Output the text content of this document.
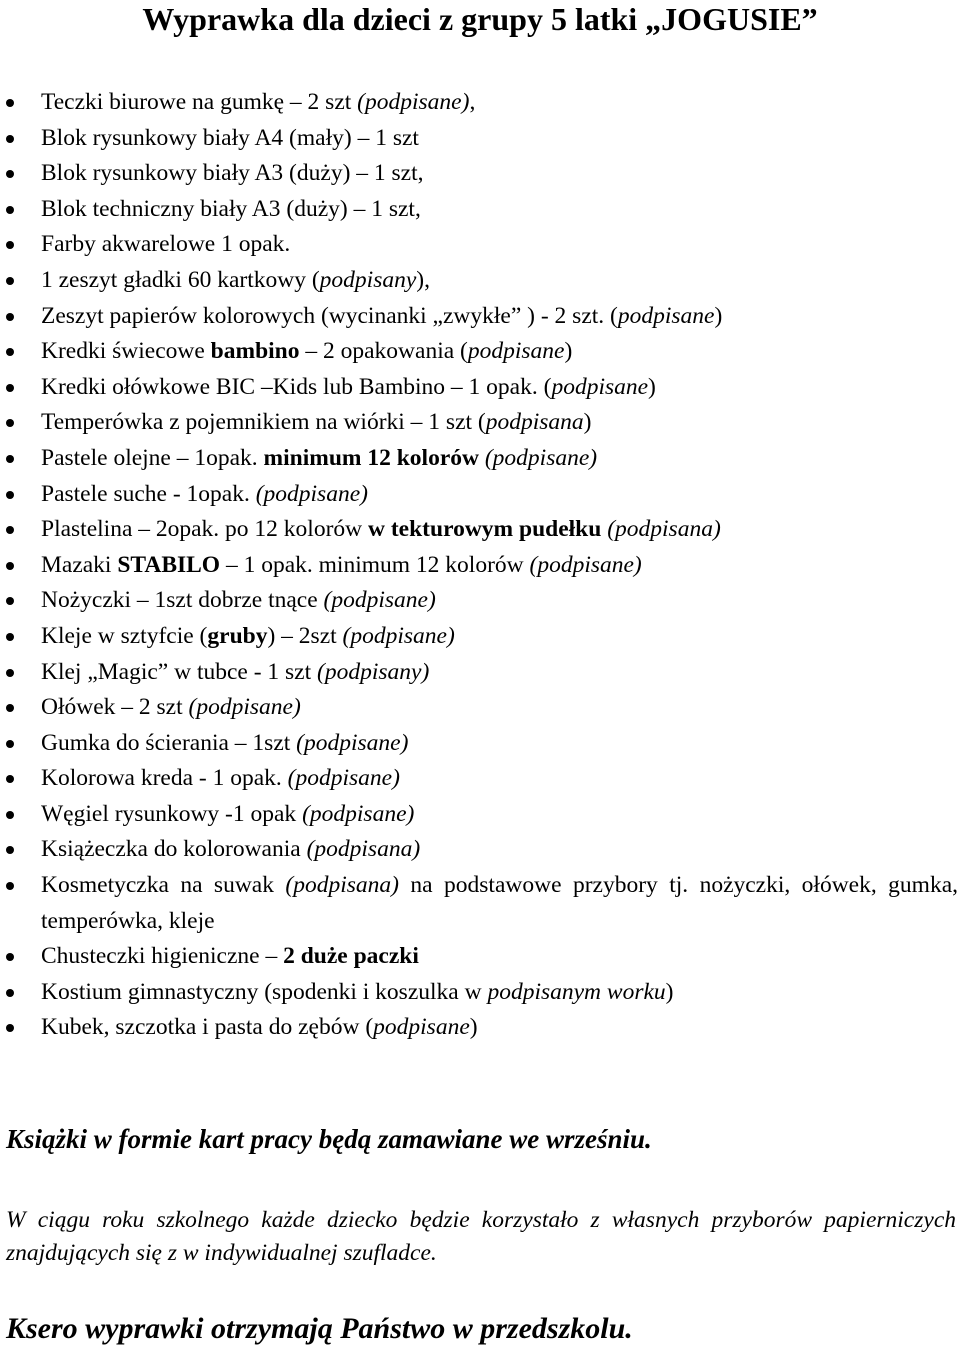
Wyprawka dla dzieci z grupy 5 latki „JOGUSIE”
Teczki biurowe na gumkę – 2 szt (podpisane),
Blok rysunkowy biały A4 (mały) – 1 szt
Blok rysunkowy biały A3 (duży) – 1 szt,
Blok techniczny biały A3 (duży) – 1 szt,
Farby akwarelowe 1 opak.
1 zeszyt gładki 60 kartkowy (podpisany),
Zeszyt papierów kolorowych (wycinanki „zwykłe” ) - 2 szt. (podpisane)
Kredki świecowe bambino – 2 opakowania (podpisane)
Kredki ołówkowe BIC –Kids lub Bambino – 1 opak. (podpisane)
Temperówka z pojemnikiem na wiórki – 1 szt (podpisana)
Pastele olejne – 1opak. minimum 12 kolorów (podpisane)
Pastele suche - 1opak. (podpisane)
Plastelina – 2opak. po 12 kolorów w tekturowym pudełku (podpisana)
Mazaki STABILO – 1 opak. minimum 12 kolorów (podpisane)
Nożyczki – 1szt dobrze tnące (podpisane)
Kleje w sztyfcie (gruby) – 2szt (podpisane)
Klej „Magic” w tubce - 1 szt (podpisany)
Ołówek – 2 szt (podpisane)
Gumka do ścierania – 1szt (podpisane)
Kolorowa kreda - 1 opak. (podpisane)
Węgiel rysunkowy -1 opak (podpisane)
Książeczka do kolorowania (podpisana)
Kosmetyczka na suwak (podpisana) na podstawowe przybory tj. nożyczki, ołówek, gumka, temperówka, kleje
Chusteczki higieniczne – 2 duże paczki
Kostium gimnastyczny (spodenki i koszulka w podpisanym worku)
Kubek, szczotka i pasta do zębów (podpisane)

Książki w formie kart pracy będą zamawiane we wrześniu.

W ciągu roku szkolnego każde dziecko będzie korzystało z własnych przyborów papierniczych znajdujących się z w indywidualnej szufladce.

Ksero wyprawki otrzymają Państwo w przedszkolu.
